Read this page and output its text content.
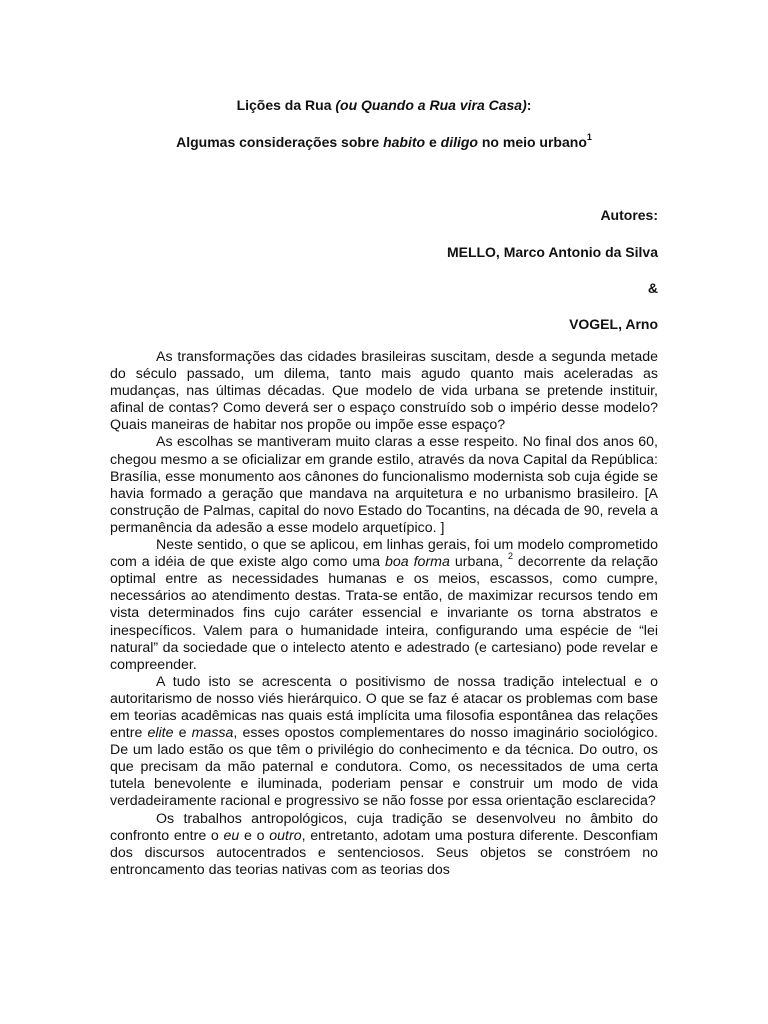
Lições da Rua (ou Quando a Rua vira Casa):
Algumas considerações sobre habito e diligo no meio urbano$^1$
Autores:
MELLO, Marco Antonio da Silva
&
VOGEL, Arno

As transformações das cidades brasileiras suscitam, desde a segunda metade do século passado, um dilema, tanto mais agudo quanto mais aceleradas as mudanças, nas últimas décadas. Que modelo de vida urbana se pretende instituir, afinal de contas? Como deverá ser o espaço construído sob o império desse modelo? Quais maneiras de habitar nos propõe ou impõe esse espaço?

As escolhas se mantiveram muito claras a esse respeito. No final dos anos 60, chegou mesmo a se oficializar em grande estilo, através da nova Capital da República: Brasília, esse monumento aos cânones do funcionalismo modernista sob cuja égide se havia formado a geração que mandava na arquitetura e no urbanismo brasileiro. [A construção de Palmas, capital do novo Estado do Tocantins, na década de 90, revela a permanência da adesão a esse modelo arquetípico. ]

Neste sentido, o que se aplicou, em linhas gerais, foi um modelo comprometido com a idéia de que existe algo como uma boa forma urbana, $^2$ decorrente da relação optimal entre as necessidades humanas e os meios, escassos, como cumpre, necessários ao atendimento destas. Trata-se então, de maximizar recursos tendo em vista determinados fins cujo caráter essencial e invariante os torna abstratos e inespecíficos. Valem para o humanidade inteira, configurando uma espécie de “lei natural” da sociedade que o intelecto atento e adestrado (e cartesiano) pode revelar e compreender.

A tudo isto se acrescenta o positivismo de nossa tradição intelectual e o autoritarismo de nosso viés hierárquico. O que se faz é atacar os problemas com base em teorias acadêmicas nas quais está implícita uma filosofia espontânea das relações entre elite e massa, esses opostos complementares do nosso imaginário sociológico. De um lado estão os que têm o privilégio do conhecimento e da técnica. Do outro, os que precisam da mão paternal e condutora. Como, os necessitados de uma certa tutela benevolente e iluminada, poderiam pensar e construir um modo de vida verdadeiramente racional e progressivo se não fosse por essa orientação esclarecida?

Os trabalhos antropológicos, cuja tradição se desenvolveu no âmbito do confronto entre o eu e o outro, entretanto, adotam uma postura diferente. Desconfiam dos discursos autocentrados e sentenciosos. Seus objetos se constróem no entroncamento das teorias nativas com as teorias dos
